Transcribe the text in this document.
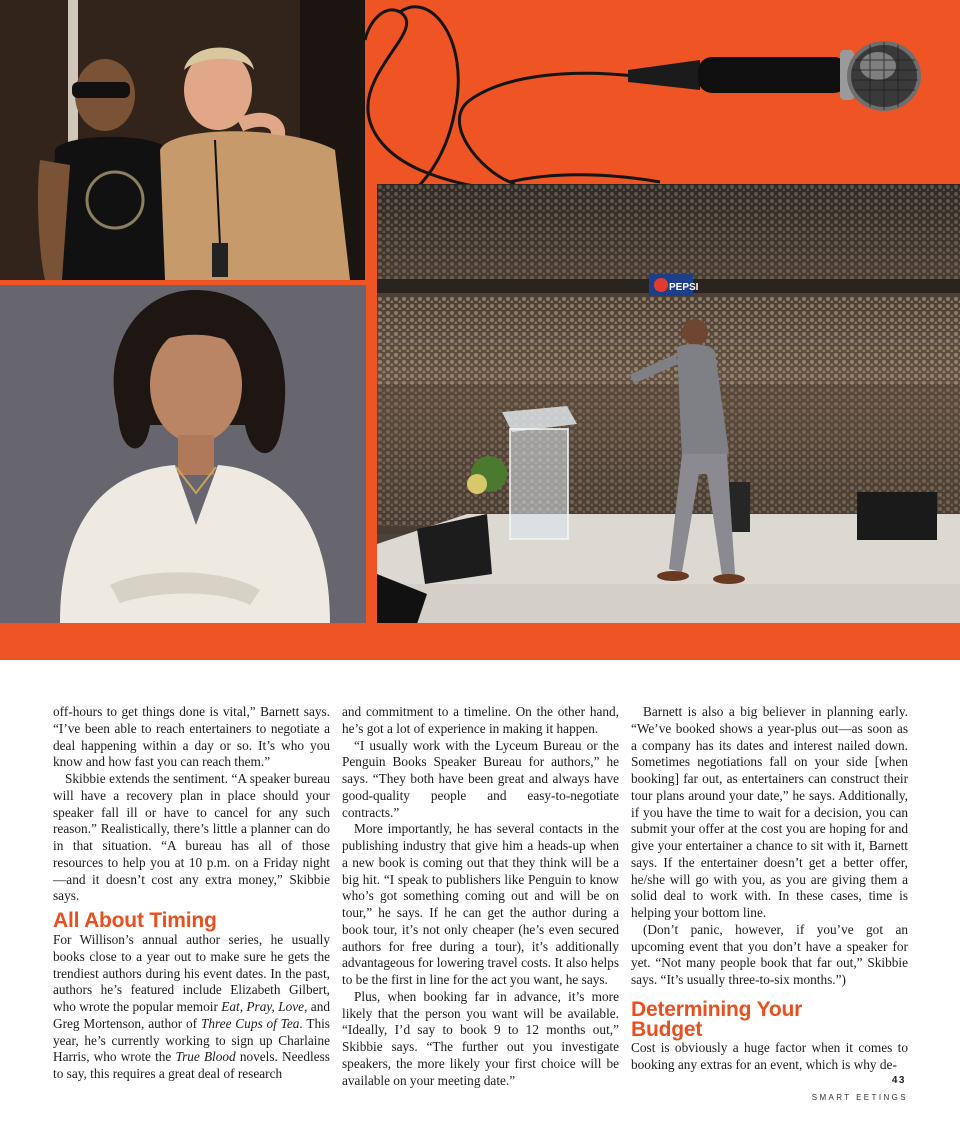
PEPSI

off-hours to get things done is vital,” Barnett says. “I’ve been able to reach entertainers to negotiate a deal happening within a day or so. It’s who you know and how fast you can reach them.”

Skibbie extends the sentiment. “A speaker bureau will have a recovery plan in place should your speaker fall ill or have to cancel for any such reason.” Realistically, there’s little a planner can do in that situation. “A bureau has all of those resources to help you at 10 p.m. on a Friday night—and it doesn’t cost any extra money,” Skibbie says.

All About Timing

For Willison’s annual author series, he usually books close to a year out to make sure he gets the trendiest authors during his event dates. In the past, authors he’s featured include Elizabeth Gilbert, who wrote the popular memoir Eat, Pray, Love, and Greg Mortenson, author of Three Cups of Tea. This year, he’s currently working to sign up Charlaine Harris, who wrote the True Blood novels. Needless to say, this requires a great deal of research

and commitment to a timeline. On the other hand, he’s got a lot of experience in making it happen.

“I usually work with the Lyceum Bureau or the Penguin Books Speaker Bureau for authors,” he says. “They both have been great and always have good-quality people and easy-to-negotiate contracts.”

More importantly, he has several contacts in the publishing industry that give him a heads-up when a new book is coming out that they think will be a big hit. “I speak to publishers like Penguin to know who’s got something coming out and will be on tour,” he says. If he can get the author during a book tour, it’s not only cheaper (he’s even secured authors for free during a tour), it’s additionally advantageous for lowering travel costs. It also helps to be the first in line for the act you want, he says.

Plus, when booking far in advance, it’s more likely that the person you want will be available. “Ideally, I’d say to book 9 to 12 months out,” Skibbie says. “The further out you investigate speakers, the more likely your first choice will be available on your meeting date.”

Barnett is also a big believer in planning early. “We’ve booked shows a year-plus out—as soon as a company has its dates and interest nailed down. Sometimes negotiations fall on your side [when booking] far out, as entertainers can construct their tour plans around your date,” he says. Additionally, if you have the time to wait for a decision, you can submit your offer at the cost you are hoping for and give your entertainer a chance to sit with it, Barnett says. If the entertainer doesn’t get a better offer, he/she will go with you, as you are giving them a solid deal to work with. In these cases, time is helping your bottom line.

(Don’t panic, however, if you’ve got an upcoming event that you don’t have a speaker for yet. “Not many people book that far out,” Skibbie says. “It’s usually three-to-six months.”)

Determining Your
Budget

Cost is obviously a huge factor when it comes to booking any extras for an event, which is why de-

43
SMART EETINGS
